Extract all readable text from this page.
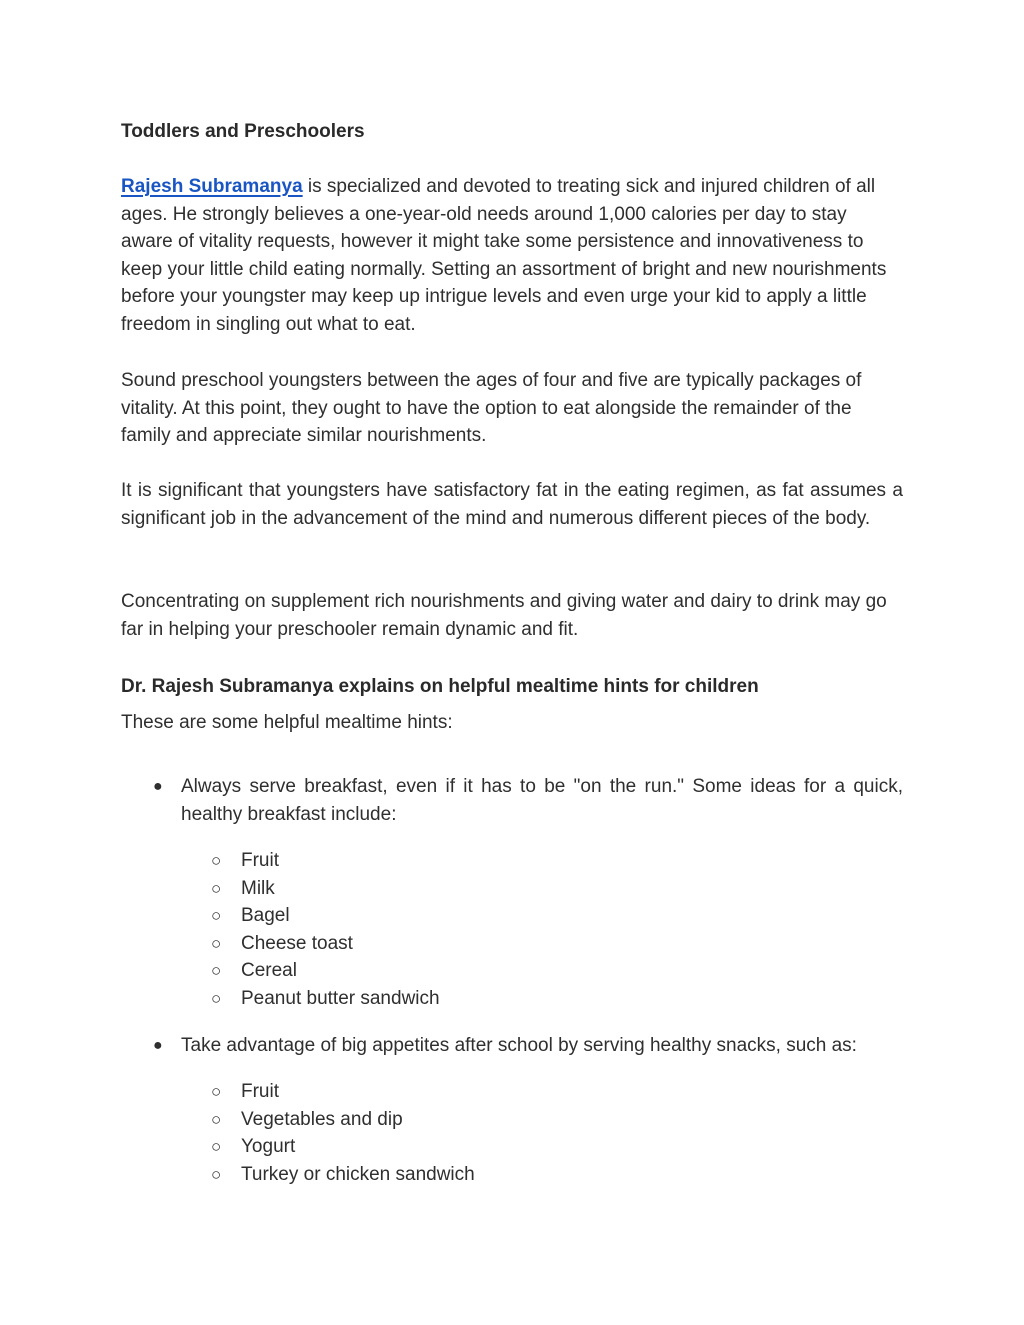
Toddlers and Preschoolers

Rajesh Subramanya is specialized and devoted to treating sick and injured children of all ages. He strongly believes a one-year-old needs around 1,000 calories per day to stay aware of vitality requests, however it might take some persistence and innovativeness to keep your little child eating normally. Setting an assortment of bright and new nourishments before your youngster may keep up intrigue levels and even urge your kid to apply a little freedom in singling out what to eat.

Sound preschool youngsters between the ages of four and five are typically packages of vitality. At this point, they ought to have the option to eat alongside the remainder of the family and appreciate similar nourishments.

It is significant that youngsters have satisfactory fat in the eating regimen, as fat assumes a significant job in the advancement of the mind and numerous different pieces of the body.

Concentrating on supplement rich nourishments and giving water and dairy to drink may go far in helping your preschooler remain dynamic and fit.

Dr. Rajesh Subramanya explains on helpful mealtime hints for children

These are some helpful mealtime hints:

● Always serve breakfast, even if it has to be "on the run." Some ideas for a quick, healthy breakfast include:
○ Fruit
○ Milk
○ Bagel
○ Cheese toast
○ Cereal
○ Peanut butter sandwich
● Take advantage of big appetites after school by serving healthy snacks, such as:
○ Fruit
○ Vegetables and dip
○ Yogurt
○ Turkey or chicken sandwich
